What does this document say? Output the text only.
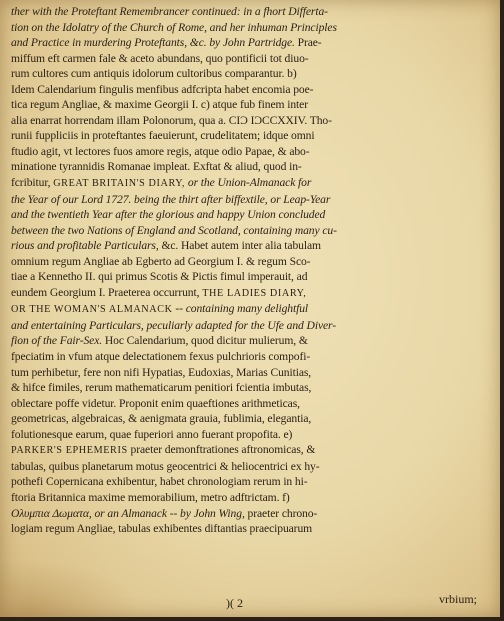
ther with the Proteftant Remembrancer continued: in a fhort Differta-
tion on the Idolatry of the Church of Rome, and her inhuman Principles
and Practice in murdering Proteftants, &c. by John Partridge. Prae-
miffum eft carmen fale & aceto abundans, quo pontificii tot diuo-
rum cultores cum antiquis idolorum cultoribus comparantur. b)
Idem Calendarium fingulis menfibus adfcripta habet encomia poe-
tica regum Angliae, & maxime Georgii I. c) atque fub finem inter
alia enarrat horrendam illam Polonorum, qua a. CIƆ IƆCCXXIV. Tho-
runii fuppliciis in proteftantes faeuierunt, crudelitatem; idque omni
ftudio agit, vt lectores fuos amore regis, atque odio Papae, & abo-
minatione tyrannidis Romanae impleat. Exftat & aliud, quod in-
fcribitur, GREAT BRITAIN'S DIARY, or the Union-Almanack for
the Year of our Lord 1727. being the thirt after biffextile, or Leap-Year
and the twentieth Year after the glorious and happy Union concluded
between the two Nations of England and Scotland, containing many cu-
rious and profitable Particulars, &c. Habet autem inter alia tabulam
omnium regum Angliae ab Egberto ad Georgium I. & regum Sco-
tiae a Kennetho II. qui primus Scotis & Pictis fimul imperauit, ad
eundem Georgium I. Praeterea occurrunt, THE LADIES DIARY,
OR THE WOMAN'S ALMANACK -- containing many delightful
and entertaining Particulars, peculiarly adapted for the Ufe and Diver-
fion of the Fair-Sex. Hoc Calendarium, quod dicitur mulierum, &
fpeciatim in vfum atque delectationem fexus pulchrioris compofi-
tum perhibetur, fere non nifi Hypatias, Eudoxias, Marias Cunitias,
& hifce fimiles, rerum mathematicarum penitiori fcientia imbutas,
oblectare poffe videtur. Proponit enim quaeftiones arithmeticas,
geometricas, algebraicas, & aenigmata grauia, fublimia, elegantia,
folutionesque earum, quae fuperiori anno fuerant propofita. e)
PARKER'S EPHEMERIS praeter demonftrationes aftronomicas, &
tabulas, quibus planetarum motus geocentrici & heliocentrici ex hy-
pothefi Copernicana exhibentur, habet chronologiam rerum in hi-
ftoria Britannica maxime memorabilium, metro adftrictam. f)
Ολυμπια Δωματα, or an Almanack -- by John Wing, praeter chrono-
logiam regum Angliae, tabulas exhibentes diftantias praecipuarum
)( 2	vrbium;
